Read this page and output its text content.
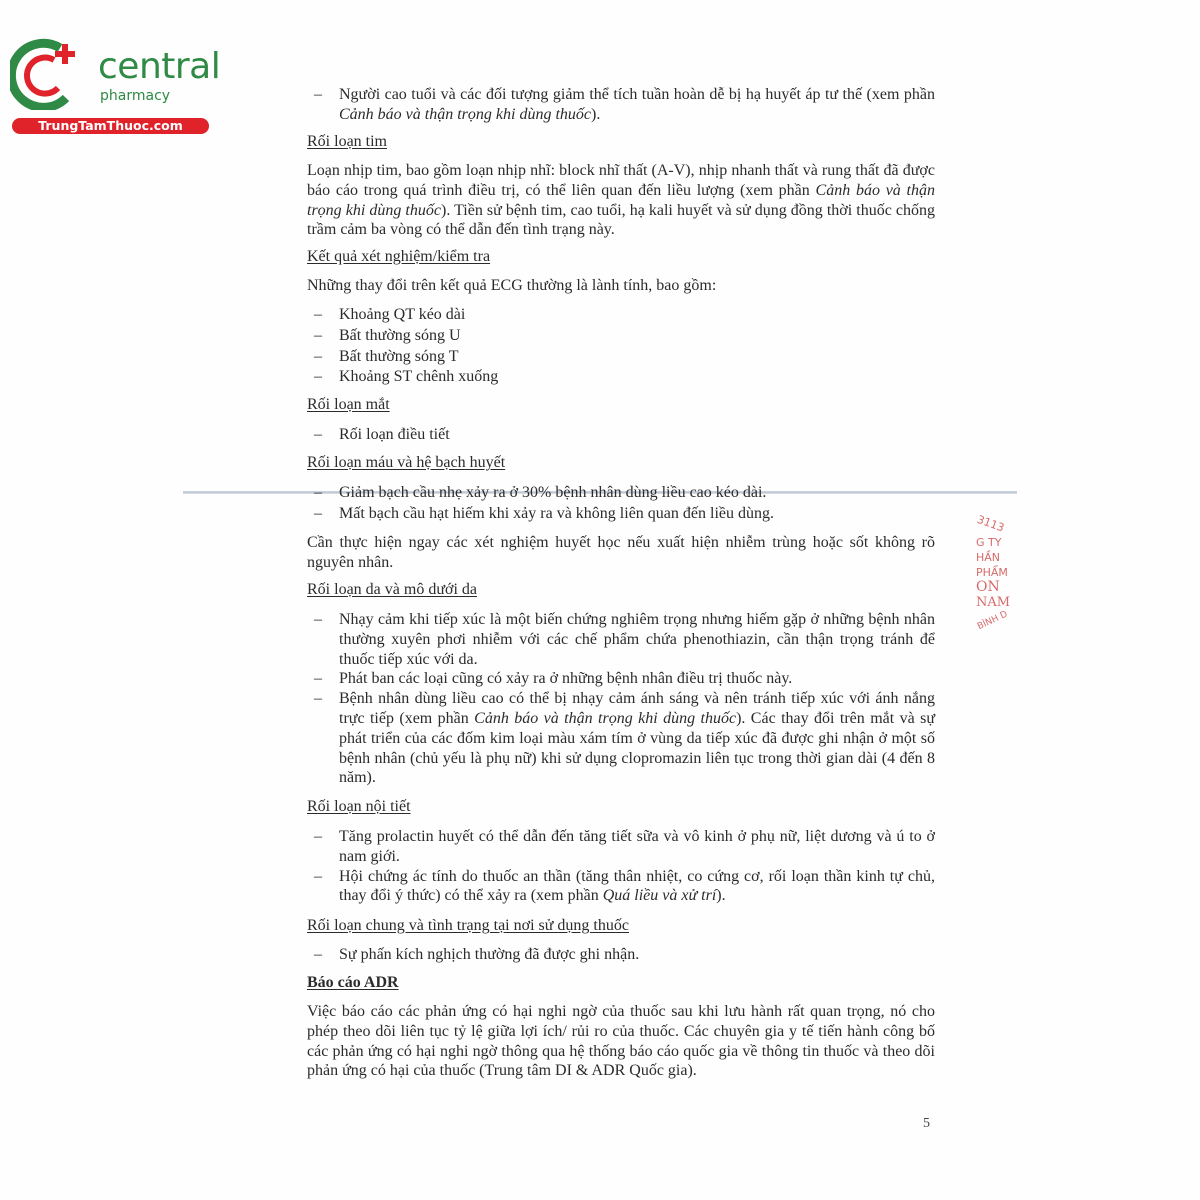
central
pharmacy
TrungTamThuoc.com
3113
G TY
HẦN
PHẨM
ON
NAM
BÌNH D
– Người cao tuổi và các đối tượng giảm thể tích tuần hoàn dễ bị hạ huyết áp tư thế (xem phần Cảnh báo và thận trọng khi dùng thuốc).
Rối loạn tim
Loạn nhịp tim, bao gồm loạn nhịp nhĩ: block nhĩ thất (A-V), nhịp nhanh thất và rung thất đã được báo cáo trong quá trình điều trị, có thể liên quan đến liều lượng (xem phần Cảnh báo và thận trọng khi dùng thuốc). Tiền sử bệnh tim, cao tuổi, hạ kali huyết và sử dụng đồng thời thuốc chống trầm cảm ba vòng có thể dẫn đến tình trạng này.
Kết quả xét nghiệm/kiểm tra
Những thay đổi trên kết quả ECG thường là lành tính, bao gồm:
– Khoảng QT kéo dài
– Bất thường sóng U
– Bất thường sóng T
– Khoảng ST chênh xuống
Rối loạn mắt
– Rối loạn điều tiết
Rối loạn máu và hệ bạch huyết
– Giảm bạch cầu nhẹ xảy ra ở 30% bệnh nhân dùng liều cao kéo dài.
– Mất bạch cầu hạt hiếm khi xảy ra và không liên quan đến liều dùng.
Cần thực hiện ngay các xét nghiệm huyết học nếu xuất hiện nhiễm trùng hoặc sốt không rõ nguyên nhân.
Rối loạn da và mô dưới da
– Nhạy cảm khi tiếp xúc là một biến chứng nghiêm trọng nhưng hiếm gặp ở những bệnh nhân thường xuyên phơi nhiễm với các chế phẩm chứa phenothiazin, cần thận trọng tránh để thuốc tiếp xúc với da.
– Phát ban các loại cũng có xảy ra ở những bệnh nhân điều trị thuốc này.
– Bệnh nhân dùng liều cao có thể bị nhạy cảm ánh sáng và nên tránh tiếp xúc với ánh nắng trực tiếp (xem phần Cảnh báo và thận trọng khi dùng thuốc). Các thay đổi trên mắt và sự phát triển của các đốm kim loại màu xám tím ở vùng da tiếp xúc đã được ghi nhận ở một số bệnh nhân (chủ yếu là phụ nữ) khi sử dụng clopromazin liên tục trong thời gian dài (4 đến 8 năm).
Rối loạn nội tiết
– Tăng prolactin huyết có thể dẫn đến tăng tiết sữa và vô kinh ở phụ nữ, liệt dương và ú to ở nam giới.
– Hội chứng ác tính do thuốc an thần (tăng thân nhiệt, co cứng cơ, rối loạn thần kinh tự chủ, thay đổi ý thức) có thể xảy ra (xem phần Quá liều và xử trí).
Rối loạn chung và tình trạng tại nơi sử dụng thuốc
– Sự phấn kích nghịch thường đã được ghi nhận.
Báo cáo ADR
Việc báo cáo các phản ứng có hại nghi ngờ của thuốc sau khi lưu hành rất quan trọng, nó cho phép theo dõi liên tục tỷ lệ giữa lợi ích/ rủi ro của thuốc. Các chuyên gia y tế tiến hành công bố các phản ứng có hại nghi ngờ thông qua hệ thống báo cáo quốc gia về thông tin thuốc và theo dõi phản ứng có hại của thuốc (Trung tâm DI & ADR Quốc gia).
5
